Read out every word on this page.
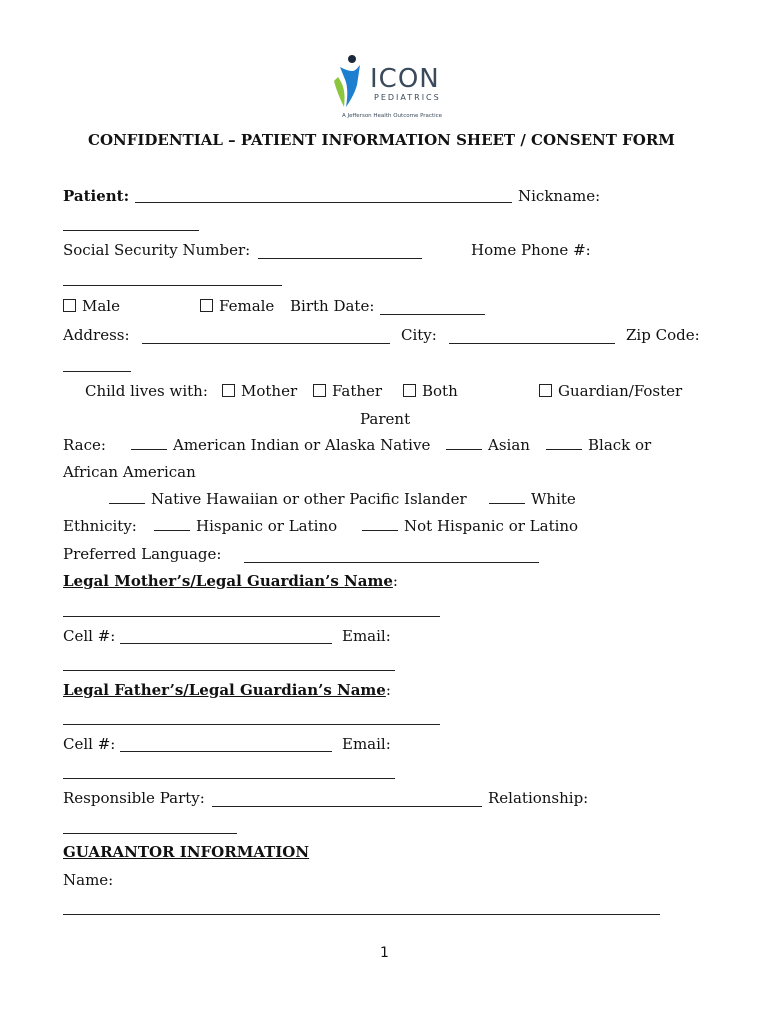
ICON
PEDIATRICS
A Jefferson Health Outcome Practice
CONFIDENTIAL – PATIENT INFORMATION SHEET / CONSENT FORM
Patient:	Nickname:
Social Security Number:	Home Phone #:
Male	Female Birth Date:
Address:	City:	Zip Code:
Child lives with:	Mother	Father	Both	Guardian/Foster
Parent
Race:	American Indian or Alaska Native	Asian	Black or
African American
Native Hawaiian or other Pacific Islander	White
Ethnicity:	Hispanic or Latino	Not Hispanic or Latino
Preferred Language:
Legal Mother’s/Legal Guardian’s Name:
Cell #:	Email:
Legal Father’s/Legal Guardian’s Name:
Cell #:	Email:
Responsible Party:	Relationship:
GUARANTOR INFORMATION
Name:
1
